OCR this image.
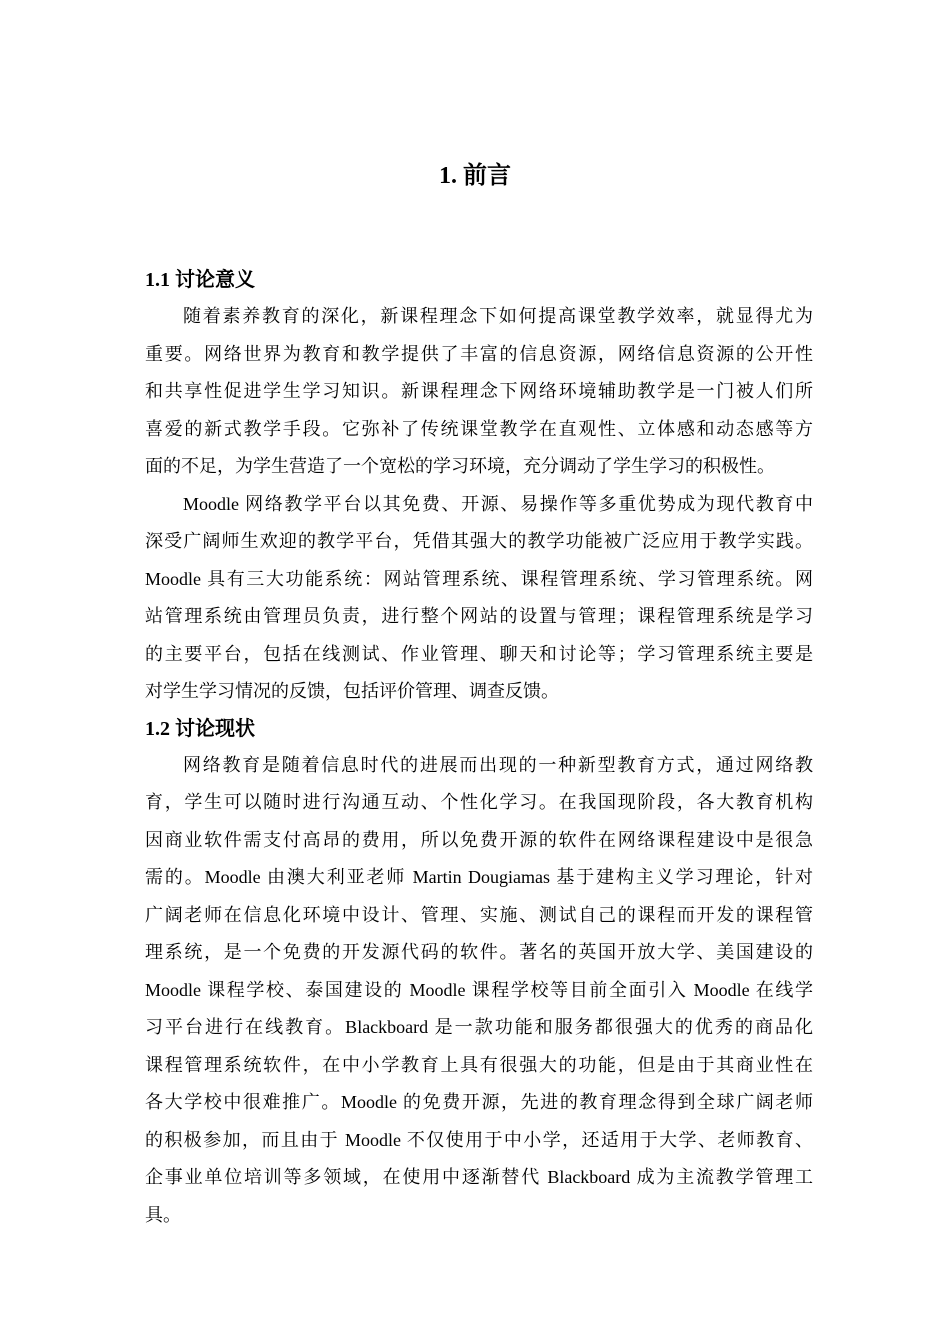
1. 前言
1.1 讨论意义
随着素养教育的深化，新课程理念下如何提高课堂教学效率，就显得尤为
重要。网络世界为教育和教学提供了丰富的信息资源，网络信息资源的公开性
和共享性促进学生学习知识。新课程理念下网络环境辅助教学是一门被人们所
喜爱的新式教学手段。它弥补了传统课堂教学在直观性、立体感和动态感等方
面的不足，为学生营造了一个宽松的学习环境，充分调动了学生学习的积极性。
Moodle 网络教学平台以其免费、开源、易操作等多重优势成为现代教育中
深受广阔师生欢迎的教学平台，凭借其强大的教学功能被广泛应用于教学实践。
Moodle 具有三大功能系统：网站管理系统、课程管理系统、学习管理系统。网
站管理系统由管理员负责，进行整个网站的设置与管理；课程管理系统是学习
的主要平台，包括在线测试、作业管理、聊天和讨论等；学习管理系统主要是
对学生学习情况的反馈，包括评价管理、调查反馈。
1.2 讨论现状
网络教育是随着信息时代的进展而出现的一种新型教育方式，通过网络教
育，学生可以随时进行沟通互动、个性化学习。在我国现阶段，各大教育机构
因商业软件需支付高昂的费用，所以免费开源的软件在网络课程建设中是很急
需的。Moodle 由澳大利亚老师 Martin Dougiamas 基于建构主义学习理论，针对
广阔老师在信息化环境中设计、管理、实施、测试自己的课程而开发的课程管
理系统，是一个免费的开发源代码的软件。著名的英国开放大学、美国建设的
Moodle 课程学校、泰国建设的 Moodle 课程学校等目前全面引入 Moodle 在线学
习平台进行在线教育。Blackboard 是一款功能和服务都很强大的优秀的商品化
课程管理系统软件，在中小学教育上具有很强大的功能，但是由于其商业性在
各大学校中很难推广。Moodle 的免费开源，先进的教育理念得到全球广阔老师
的积极参加，而且由于 Moodle 不仅使用于中小学，还适用于大学、老师教育、
企事业单位培训等多领域，在使用中逐渐替代 Blackboard 成为主流教学管理工
具。
